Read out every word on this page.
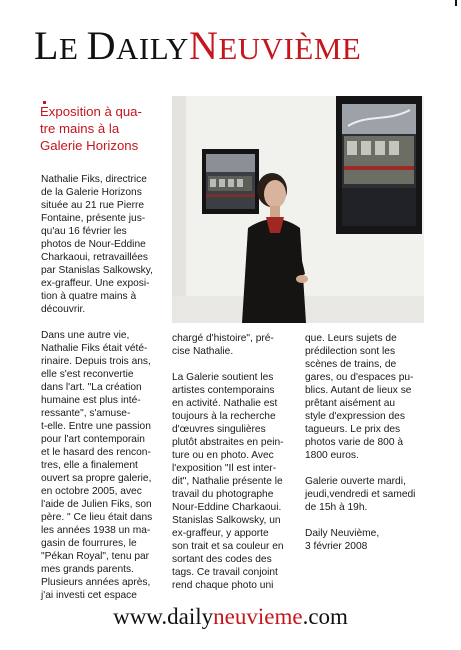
LE DAILYNEUVIÈME
Exposition à qua-
tre mains à la
Galerie Horizons
Nathalie Fiks, directrice
de la Galerie Horizons
située au 21 rue Pierre
Fontaine, présente jus-
qu'au 16 février les
photos de Nour-Eddine
Charkaoui, retravaillées
par Stanislas Salkowsky,
ex-graffeur. Une exposi-
tion à quatre mains à
découvrir.
Dans une autre vie,
Nathalie Fiks était vété-
rinaire. Depuis trois ans,
elle s'est reconvertie
dans l'art. "La création
humaine est plus inté-
ressante", s'amuse-
t-elle. Entre une passion
pour l'art contemporain
et le hasard des rencon-
tres, elle a finalement
ouvert sa propre galerie,
en octobre 2005, avec
l'aide de Julien Fiks, son
père. " Ce lieu était dans
les années 1938 un ma-
gasin de fourrures, le
"Pékan Royal", tenu par
mes grands parents.
Plusieurs années après,
j'ai investi cet espace
chargé d'histoire", pré-
cise Nathalie.
La Galerie soutient les
artistes contemporains
en activité. Nathalie est
toujours à la recherche
d'œuvres singulières
plutôt abstraites en pein-
ture ou en photo. Avec
l'exposition "Il est inter-
dit", Nathalie présente le
travail du photographe
Nour-Eddine Charkaoui.
Stanislas Salkowsky, un
ex-graffeur, y apporte
son trait et sa couleur en
sortant des codes des
tags. Ce travail conjoint
rend chaque photo uni
que. Leurs sujets de
prédilection sont les
scènes de trains, de
gares, ou d'espaces pu-
blics. Autant de lieux se
prêtant aisément au
style d'expression des
tagueurs. Le prix des
photos varie de 800 à
1800 euros.
Galerie ouverte mardi,
jeudi,vendredi et samedi
de 15h à 19h.
Daily Neuvième,
3 février 2008
www.dailyneuvieme.com
